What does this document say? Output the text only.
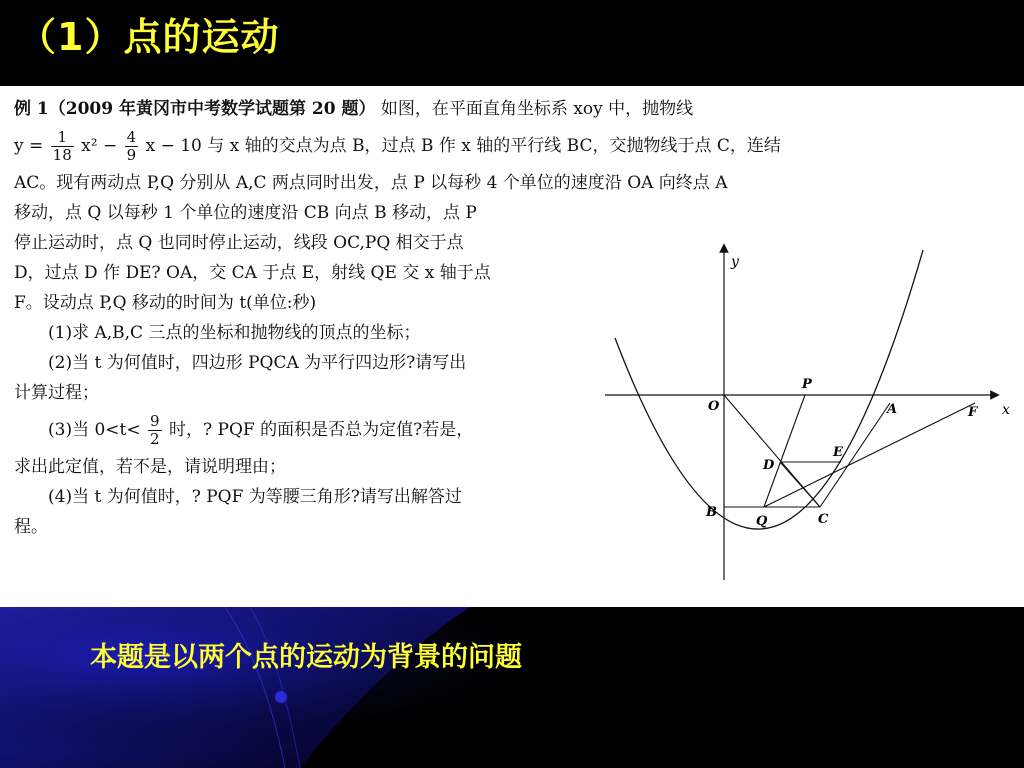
（1）点的运动
例 1（2009 年黄冈市中考数学试题第 20 题） 如图，在平面直角坐标系 xoy 中，抛物线
$y = \frac{1}{18} x^2 - \frac{4}{9}$ x − 10 与 x 轴的交点为点 B，过点 B 作 x 轴的平行线 BC，交抛物线于点 C，连结
AC。现有两动点 P,Q 分别从 A,C 两点同时出发，点 P 以每秒 4 个单位的速度沿 OA 向终点 A
移动，点 Q 以每秒 1 个单位的速度沿 CB 向点 B 移动，点 P
停止运动时，点 Q 也同时停止运动，线段 OC,PQ 相交于点
D，过点 D 作 DE? OA，交 CA 于点 E，射线 QE 交 x 轴于点
F。设动点 P,Q 移动的时间为 t(单位:秒)
(1)求 A,B,C 三点的坐标和抛物线的顶点的坐标；
(2)当 t 为何值时，四边形 PQCA 为平行四边形?请写出
计算过程；
(3)当 $0<t< \frac{9}{2}$ 时，? PQF 的面积是否总为定值?若是，
求出此定值，若不是，请说明理由；
(4)当 t 为何值时，? PQF 为等腰三角形?请写出解答过
程。
y
x
O
P
A	F
E
D
B
Q	C
本题是以两个点的运动为背景的问题
